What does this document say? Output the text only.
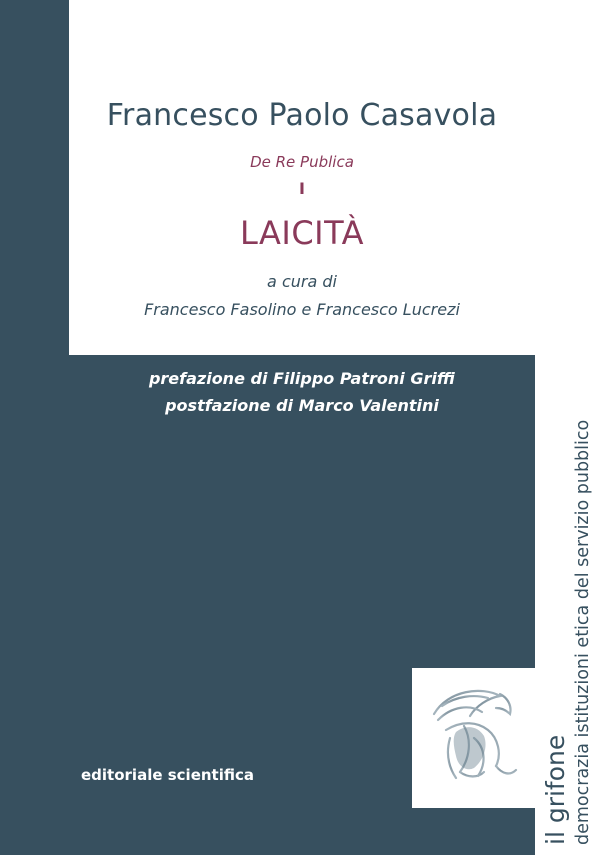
Francesco Paolo Casavola
De Re Publica
I
LAICITÀ
a cura di
Francesco Fasolino e Francesco Lucrezi
prefazione di Filippo Patroni Griffi
postfazione di Marco Valentini
editoriale scientifica	il grifone democrazia istituzioni etica del servizio pubblico
